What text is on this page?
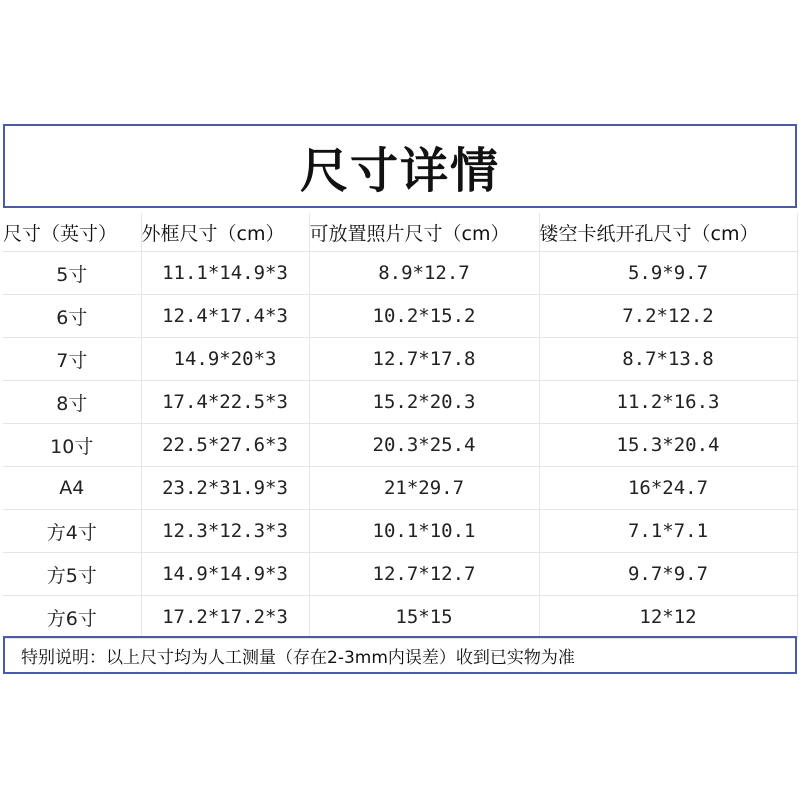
尺寸详情
尺寸（英寸）	外框尺寸（cm）	可放置照片尺寸（cm）	镂空卡纸开孔尺寸（cm）
5寸	11.1*14.9*3	8.9*12.7	5.9*9.7
6寸	12.4*17.4*3	10.2*15.2	7.2*12.2
7寸	14.9*20*3	12.7*17.8	8.7*13.8
8寸	17.4*22.5*3	15.2*20.3	11.2*16.3
10寸	22.5*27.6*3	20.3*25.4	15.3*20.4
A4	23.2*31.9*3	21*29.7	16*24.7
方4寸	12.3*12.3*3	10.1*10.1	7.1*7.1
方5寸	14.9*14.9*3	12.7*12.7	9.7*9.7
方6寸	17.2*17.2*3	15*15	12*12
特别说明：以上尺寸均为人工测量（存在2-3mm内误差）收到已实物为准
